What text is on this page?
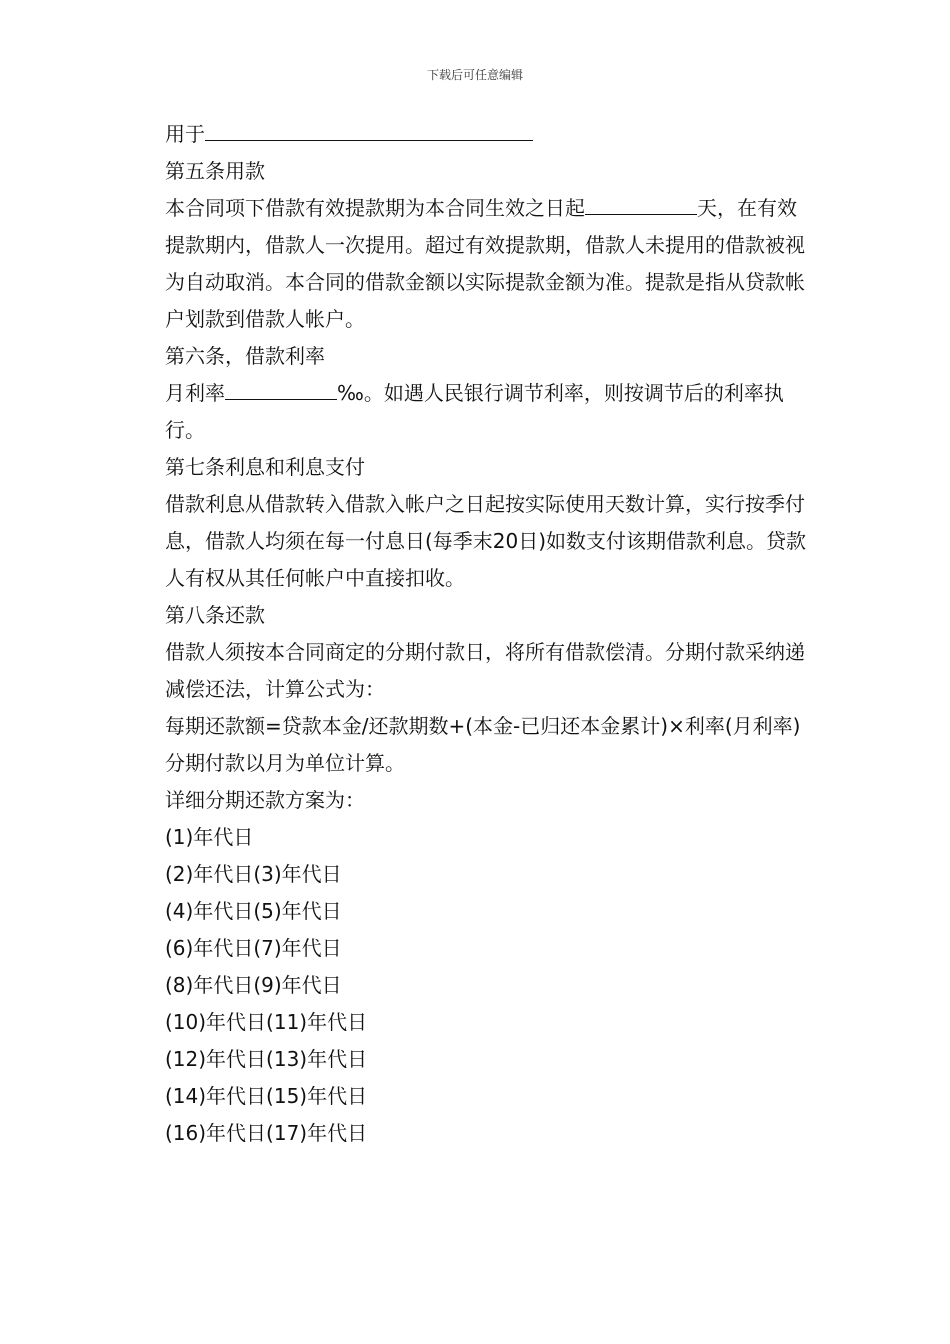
下载后可任意编辑

用于

第五条用款

本合同项下借款有效提款期为本合同生效之日起	天，在有效提款期内，借款人一次提用。超过有效提款期，借款人未提用的借款被视为自动取消。本合同的借款金额以实际提款金额为准。提款是指从贷款帐户划款到借款人帐户。

第六条，借款利率

月利率	‰。如遇人民银行调节利率，则按调节后的利率执行。

第七条利息和利息支付

借款利息从借款转入借款入帐户之日起按实际使用天数计算，实行按季付息，借款人均须在每一付息日(每季末20日)如数支付该期借款利息。贷款人有权从其任何帐户中直接扣收。

第八条还款

借款人须按本合同商定的分期付款日，将所有借款偿清。分期付款采纳递减偿还法，计算公式为：

每期还款额=贷款本金/还款期数+(本金-已归还本金累计)×利率(月利率)

分期付款以月为单位计算。

详细分期还款方案为：

(1)年代日

(2)年代日(3)年代日

(4)年代日(5)年代日

(6)年代日(7)年代日

(8)年代日(9)年代日

(10)年代日(11)年代日

(12)年代日(13)年代日

(14)年代日(15)年代日

(16)年代日(17)年代日
